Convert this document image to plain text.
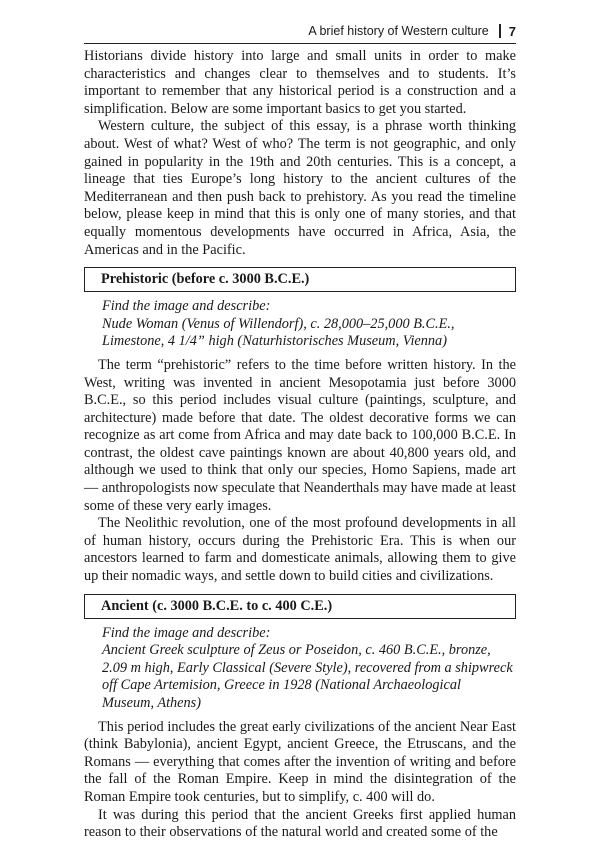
A brief history of Western culture 7

Historians divide history into large and small units in order to make characteristics and changes clear to themselves and to students. It’s important to remember that any historical period is a construction and a simplification. Below are some important basics to get you started.

Western culture, the subject of this essay, is a phrase worth thinking about. West of what? West of who? The term is not geographic, and only gained in popularity in the 19th and 20th centuries. This is a concept, a lineage that ties Europe’s long history to the ancient cultures of the Mediterranean and then push back to prehistory. As you read the timeline below, please keep in mind that this is only one of many stories, and that equally momentous developments have occurred in Africa, Asia, the Americas and in the Pacific.

Prehistoric (before c. 3000 B.C.E.)
Find the image and describe:
Nude Woman (Venus of Willendorf), c. 28,000–25,000 B.C.E., Limestone, 4 1/4” high (Naturhistorisches Museum, Vienna)

The term “prehistoric” refers to the time before written history. In the West, writing was invented in ancient Mesopotamia just before 3000 B.C.E., so this period includes visual culture (paintings, sculpture, and architecture) made before that date. The oldest decorative forms we can recognize as art come from Africa and may date back to 100,000 B.C.E. In contrast, the oldest cave paintings known are about 40,800 years old, and although we used to think that only our species, Homo Sapiens, made art — anthropologists now speculate that Neanderthals may have made at least some of these very early images.

The Neolithic revolution, one of the most profound developments in all of human history, occurs during the Prehistoric Era. This is when our ancestors learned to farm and domesticate animals, allowing them to give up their nomadic ways, and settle down to build cities and civilizations.

Ancient (c. 3000 B.C.E. to c. 400 C.E.)
Find the image and describe:
Ancient Greek sculpture of Zeus or Poseidon, c. 460 B.C.E., bronze, 2.09 m high, Early Classical (Severe Style), recovered from a shipwreck off Cape Artemision, Greece in 1928 (National Archaeological Museum, Athens)

This period includes the great early civilizations of the ancient Near East (think Babylonia), ancient Egypt, ancient Greece, the Etruscans, and the Romans — everything that comes after the invention of writing and before the fall of the Roman Empire. Keep in mind the disintegration of the Roman Empire took centuries, but to simplify, c. 400 will do.

It was during this period that the ancient Greeks first applied human reason to their observations of the natural world and created some of the
